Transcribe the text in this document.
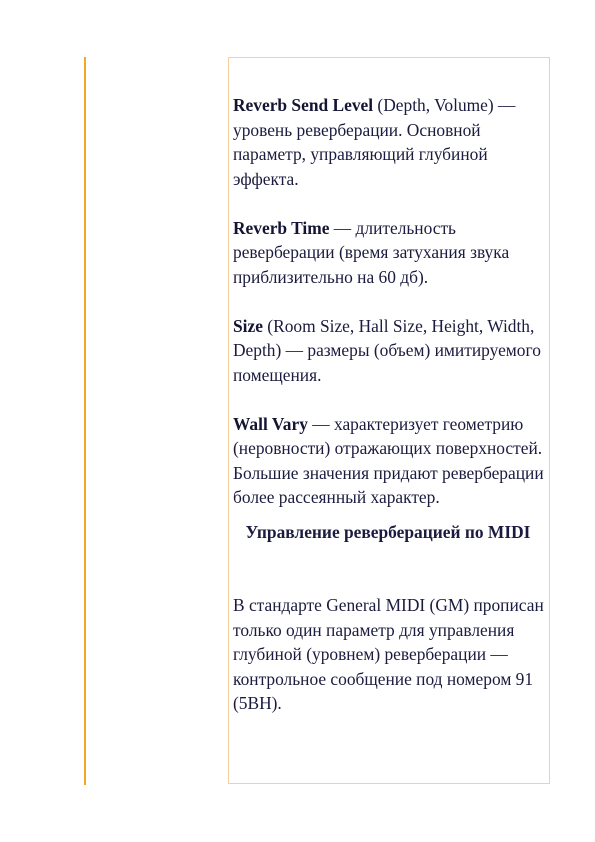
Reverb Send Level (Depth, Volume) — уровень реверберации. Основной параметр, управляющий глубиной эффекта.

Reverb Time — длительность реверберации (время затухания звука приблизительно на 60 дб).

Size (Room Size, Hall Size, Height, Width, Depth) — размеры (объем) имитируемого помещения.

Wall Vary — характеризует геометрию (неровности) отражающих поверхностей. Большие значения придают реверберации более рассеянный характер.

Управление реверберацией по MIDI

В стандарте General MIDI (GM) прописан только один параметр для управления глубиной (уровнем) реверберации — контрольное сообщение под номером 91 (5BH).
